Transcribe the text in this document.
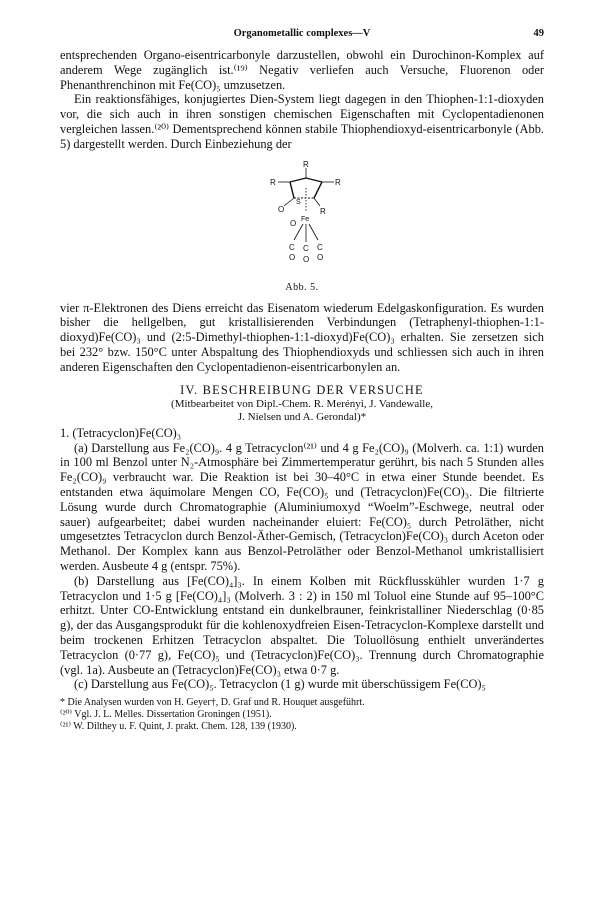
Organometallic complexes—V	49

entsprechenden Organo-eisentricarbonyle darzustellen, obwohl ein Durochinon-Komplex auf anderem Wege zugänglich ist.⁽¹⁹⁾ Negativ verliefen auch Versuche, Fluorenon oder Phenanthrenchinon mit Fe(CO)₅ umzusetzen.

Ein reaktionsfähiges, konjugiertes Dien-System liegt dagegen in den Thiophen-1:1-dioxyden vor, die sich auch in ihren sonstigen chemischen Eigenschaften mit Cyclopentadienonen vergleichen lassen.⁽²⁰⁾ Dementsprechend können stabile Thiophendioxyd-eisentricarbonyle (Abb. 5) dargestellt werden. Durch Einbeziehung der

R
R	R
R
S
O
O Fe
C C C
O O O
Abb. 5.

vier π-Elektronen des Diens erreicht das Eisenatom wiederum Edelgaskonfiguration. Es wurden bisher die hellgelben, gut kristallisierenden Verbindungen (Tetraphenyl-thiophen-1:1-dioxyd)Fe(CO)₃ und (2:5-Dimethyl-thiophen-1:1-dioxyd)Fe(CO)₃ erhalten. Sie zersetzen sich bei 232° bzw. 150°C unter Abspaltung des Thiophendioxyds und schliessen sich auch in ihren anderen Eigenschaften den Cyclopentadienon-eisentricarbonylen an.

IV. BESCHREIBUNG DER VERSUCHE
(Mitbearbeitet von Dipl.-Chem. R. Merényi, J. Vandewalle,
J. Nielsen und A. Gerondal)*
1. (Tetracyclon)Fe(CO)₃

(a) Darstellung aus Fe₂(CO)₉. 4 g Tetracyclon⁽²¹⁾ und 4 g Fe₂(CO)₉ (Molverh. ca. 1:1) wurden in 100 ml Benzol unter N₂-Atmosphäre bei Zimmertemperatur gerührt, bis nach 5 Stunden alles Fe₂(CO)₉ verbraucht war. Die Reaktion ist bei 30–40°C in etwa einer Stunde beendet. Es entstanden etwa äquimolare Mengen CO, Fe(CO)₅ und (Tetracyclon)Fe(CO)₃. Die filtrierte Lösung wurde durch Chromatographie (Aluminiumoxyd “Woelm”-Eschwege, neutral oder sauer) aufgearbeitet; dabei wurden nacheinander eluiert: Fe(CO)₅ durch Petroläther, nicht umgesetztes Tetracyclon durch Benzol-Äther-Gemisch, (Tetracyclon)Fe(CO)₃ durch Aceton oder Methanol. Der Komplex kann aus Benzol-Petroläther oder Benzol-Methanol umkristallisiert werden. Ausbeute 4 g (entspr. 75%).

(b) Darstellung aus [Fe(CO)₄]₃. In einem Kolben mit Rückflusskühler wurden 1·7 g Tetracyclon und 1·5 g [Fe(CO)₄]₃ (Molverh. 3 : 2) in 150 ml Toluol eine Stunde auf 95–100°C erhitzt. Unter CO-Entwicklung entstand ein dunkelbrauner, feinkristalliner Niederschlag (0·85 g), der das Ausgangsprodukt für die kohlenoxydfreien Eisen-Tetracyclon-Komplexe darstellt und beim trockenen Erhitzen Tetracyclon abspaltet. Die Toluollösung enthielt unverändertes Tetracyclon (0·77 g), Fe(CO)₅ und (Tetracyclon)Fe(CO)₃. Trennung durch Chromatographie (vgl. 1a). Ausbeute an (Tetracyclon)Fe(CO)₃ etwa 0·7 g.

(c) Darstellung aus Fe(CO)₅. Tetracyclon (1 g) wurde mit überschüssigem Fe(CO)₅

* Die Analysen wurden von H. Geyer†, D. Graf und R. Houquet ausgeführt.
⁽²⁰⁾ Vgl. J. L. Melles. Dissertation Groningen (1951).
⁽²¹⁾ W. Dilthey u. F. Quint, J. prakt. Chem. 128, 139 (1930).
